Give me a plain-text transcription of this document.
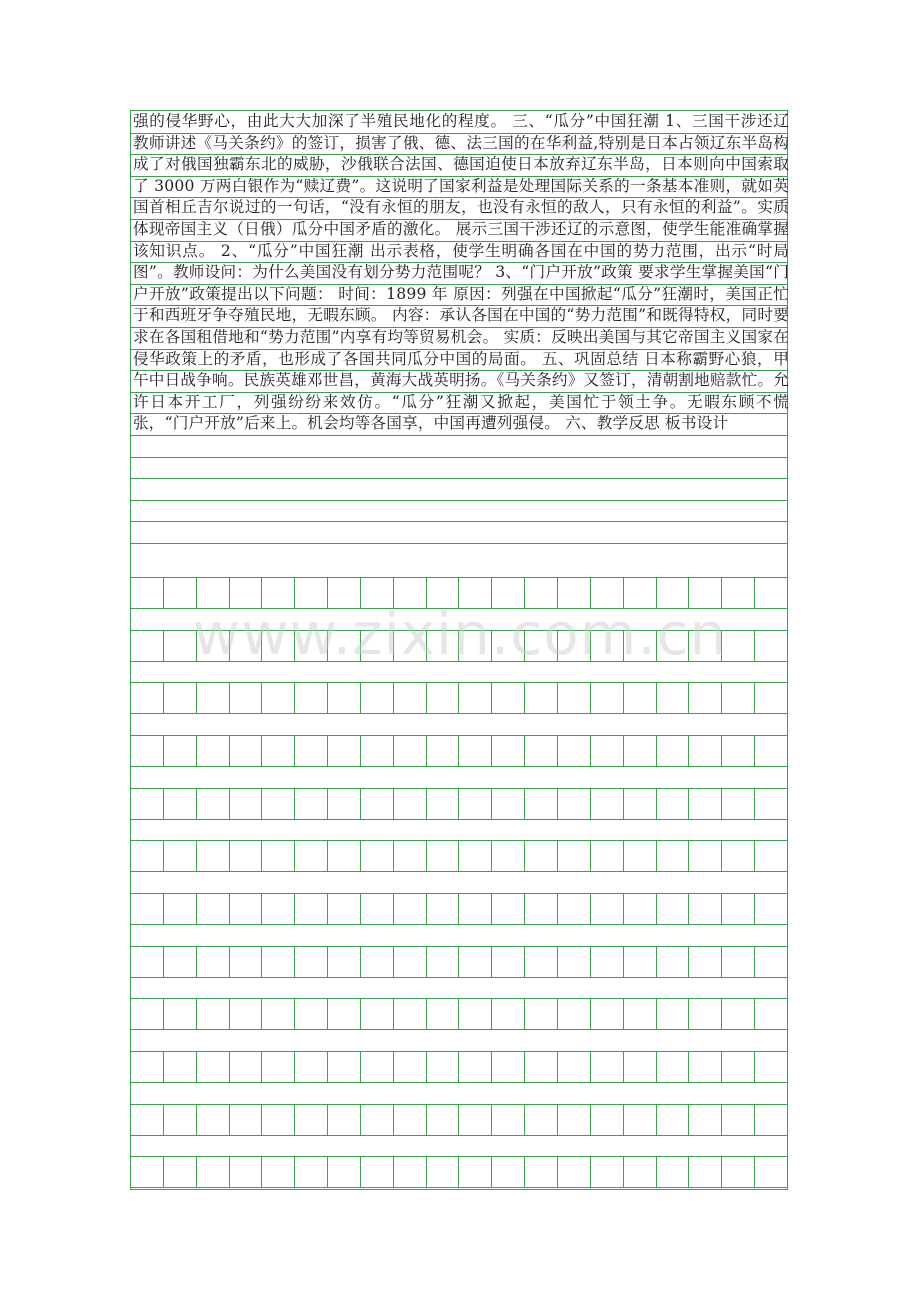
强的侵华野心，由此大大加深了半殖民地化的程度。 三、“瓜分”中国狂潮 1、三国干涉还辽 教师讲述《马关条约》的签订，损害了俄、德、法三国的在华利益,特别是日本占领辽东半岛构成了对俄国独霸东北的威胁，沙俄联合法国、德国迫使日本放弃辽东半岛，日本则向中国索取了 3000 万两白银作为“赎辽费”。这说明了国家利益是处理国际关系的一条基本准则，就如英国首相丘吉尔说过的一句话，“没有永恒的朋友，也没有永恒的敌人，只有永恒的利益”。实质体现帝国主义（日俄）瓜分中国矛盾的激化。 展示三国干涉还辽的示意图，使学生能准确掌握该知识点。 2、“瓜分”中国狂潮 出示表格，使学生明确各国在中国的势力范围，出示“时局图”。教师设问：为什么美国没有划分势力范围呢？ 3、“门户开放”政策 要求学生掌握美国“门户开放”政策提出以下问题： 时间：1899 年 原因：列强在中国掀起“瓜分”狂潮时，美国正忙于和西班牙争夺殖民地，无暇东顾。 内容：承认各国在中国的“势力范围”和既得特权，同时要求在各国租借地和“势力范围”内享有均等贸易机会。 实质：反映出美国与其它帝国主义国家在侵华政策上的矛盾，也形成了各国共同瓜分中国的局面。 五、巩固总结 日本称霸野心狼，甲午中日战争响。民族英雄邓世昌，黄海大战英明扬。《马关条约》又签订，清朝割地赔款忙。允许日本开工厂，列强纷纷来效仿。“瓜分”狂潮又掀起，美国忙于领土争。无暇东顾不慌张，“门户开放”后来上。机会均等各国享，中国再遭列强侵。 六、教学反思 板书设计
www.zixin.com.cn
